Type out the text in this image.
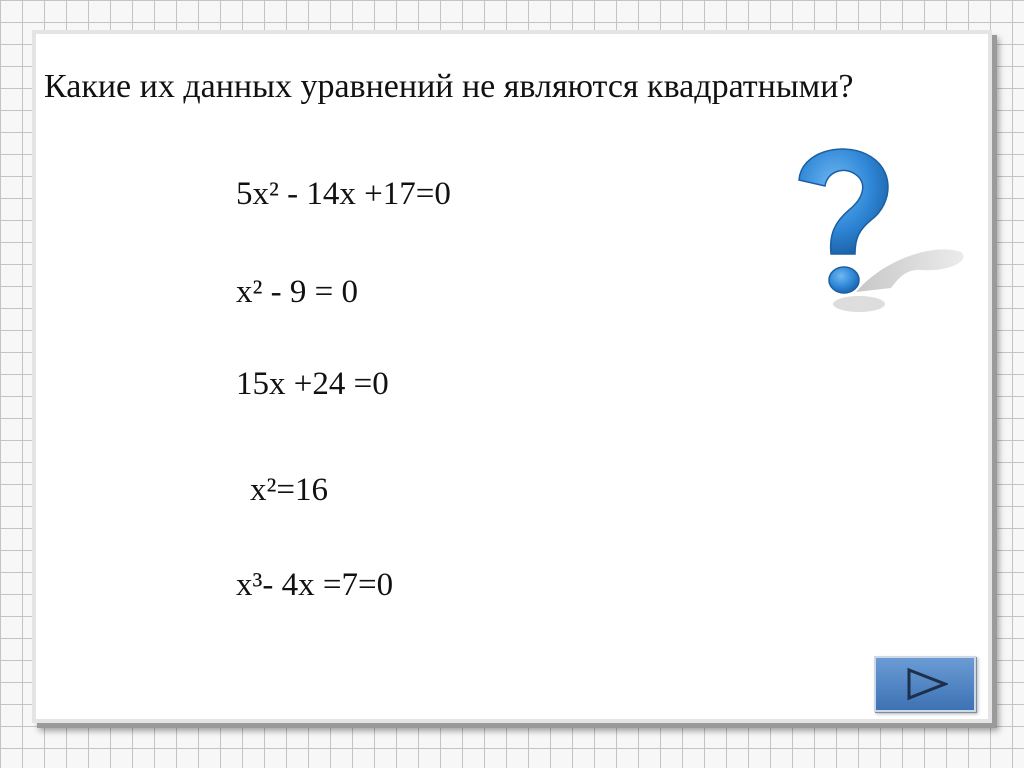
Какие их данных уравнений не являются квадратными?

5х² - 14х +17=0

х² - 9 = 0

15х +24 =0

х²=16

х³- 4х =7=0
